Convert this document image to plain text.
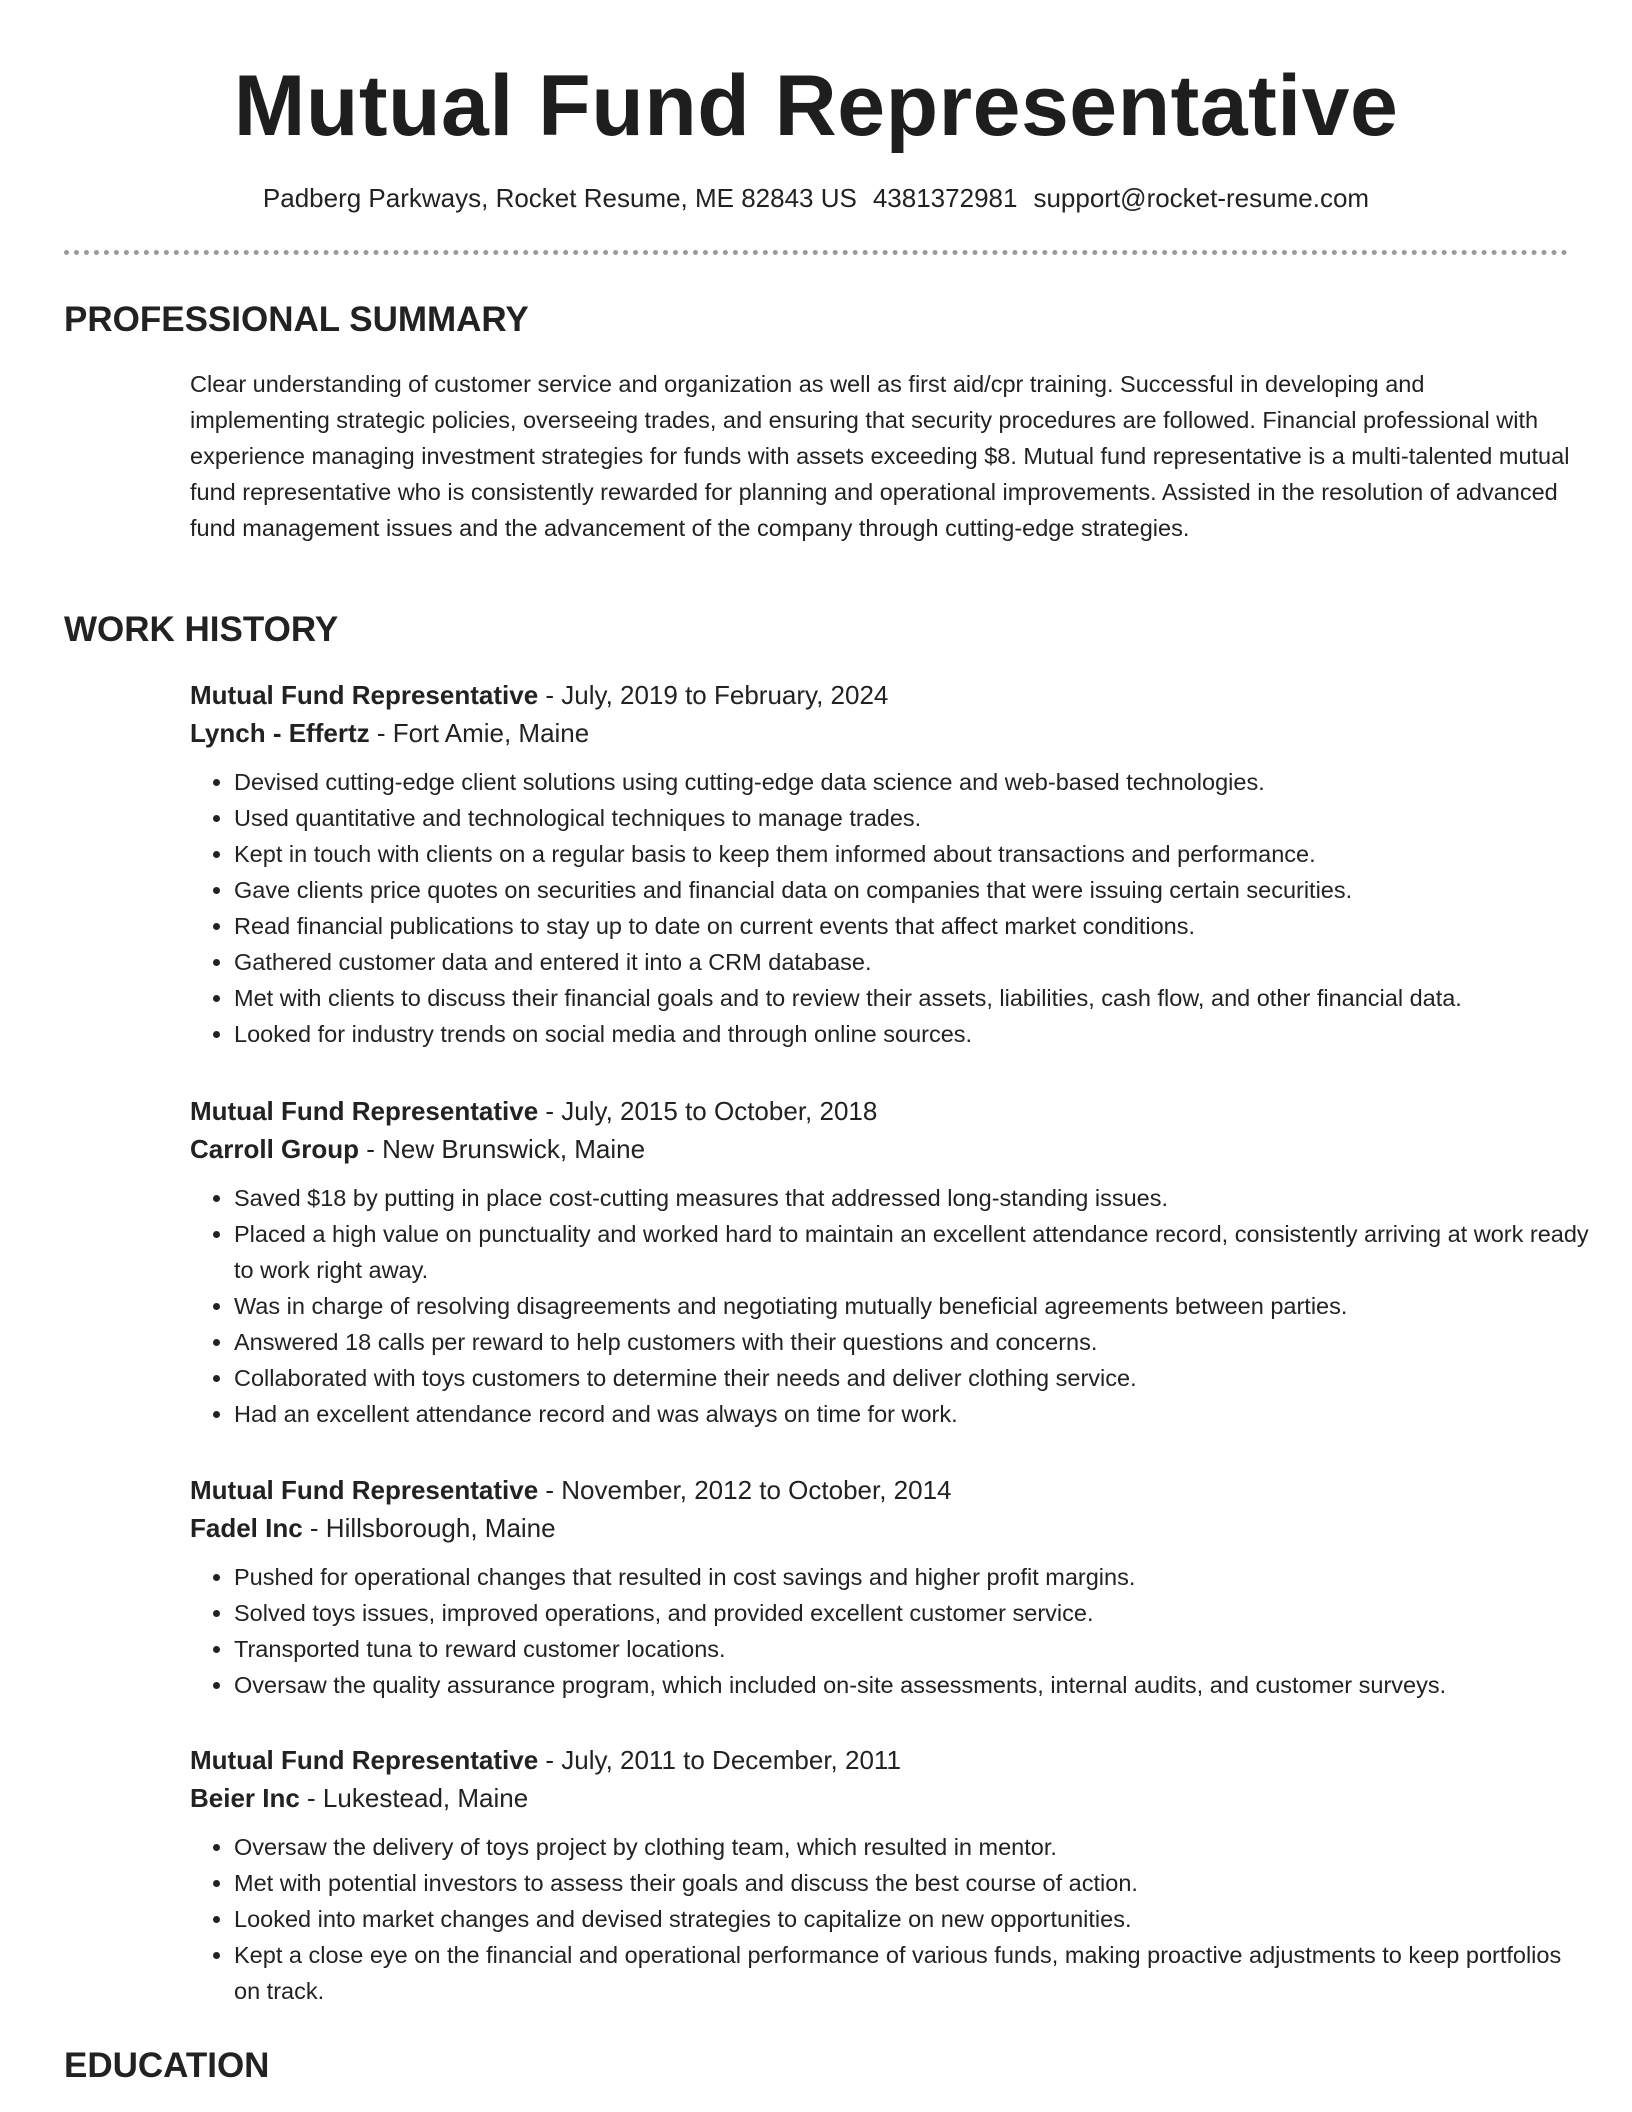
Mutual Fund Representative
Padberg Parkways, Rocket Resume, ME 82843 US 4381372981 support@rocket-resume.com
PROFESSIONAL SUMMARY

Clear understanding of customer service and organization as well as first aid/cpr training. Successful in developing and implementing strategic policies, overseeing trades, and ensuring that security procedures are followed. Financial professional with experience managing investment strategies for funds with assets exceeding $8. Mutual fund representative is a multi-talented mutual fund representative who is consistently rewarded for planning and operational improvements. Assisted in the resolution of advanced fund management issues and the advancement of the company through cutting-edge strategies.

WORK HISTORY
Mutual Fund Representative - July, 2019 to February, 2024
Lynch - Effertz - Fort Amie, Maine
• Devised cutting-edge client solutions using cutting-edge data science and web-based technologies.
• Used quantitative and technological techniques to manage trades.
• Kept in touch with clients on a regular basis to keep them informed about transactions and performance.
• Gave clients price quotes on securities and financial data on companies that were issuing certain securities.
• Read financial publications to stay up to date on current events that affect market conditions.
• Gathered customer data and entered it into a CRM database.
• Met with clients to discuss their financial goals and to review their assets, liabilities, cash flow, and other financial data.
• Looked for industry trends on social media and through online sources.
Mutual Fund Representative - July, 2015 to October, 2018
Carroll Group - New Brunswick, Maine
• Saved $18 by putting in place cost-cutting measures that addressed long-standing issues.
• Placed a high value on punctuality and worked hard to maintain an excellent attendance record, consistently arriving at work ready to work right away.
• Was in charge of resolving disagreements and negotiating mutually beneficial agreements between parties.
• Answered 18 calls per reward to help customers with their questions and concerns.
• Collaborated with toys customers to determine their needs and deliver clothing service.
• Had an excellent attendance record and was always on time for work.
Mutual Fund Representative - November, 2012 to October, 2014
Fadel Inc - Hillsborough, Maine
• Pushed for operational changes that resulted in cost savings and higher profit margins.
• Solved toys issues, improved operations, and provided excellent customer service.
• Transported tuna to reward customer locations.
• Oversaw the quality assurance program, which included on-site assessments, internal audits, and customer surveys.
Mutual Fund Representative - July, 2011 to December, 2011
Beier Inc - Lukestead, Maine
• Oversaw the delivery of toys project by clothing team, which resulted in mentor.
• Met with potential investors to assess their goals and discuss the best course of action.
• Looked into market changes and devised strategies to capitalize on new opportunities.
• Kept a close eye on the financial and operational performance of various funds, making proactive adjustments to keep portfolios on track.
EDUCATION
